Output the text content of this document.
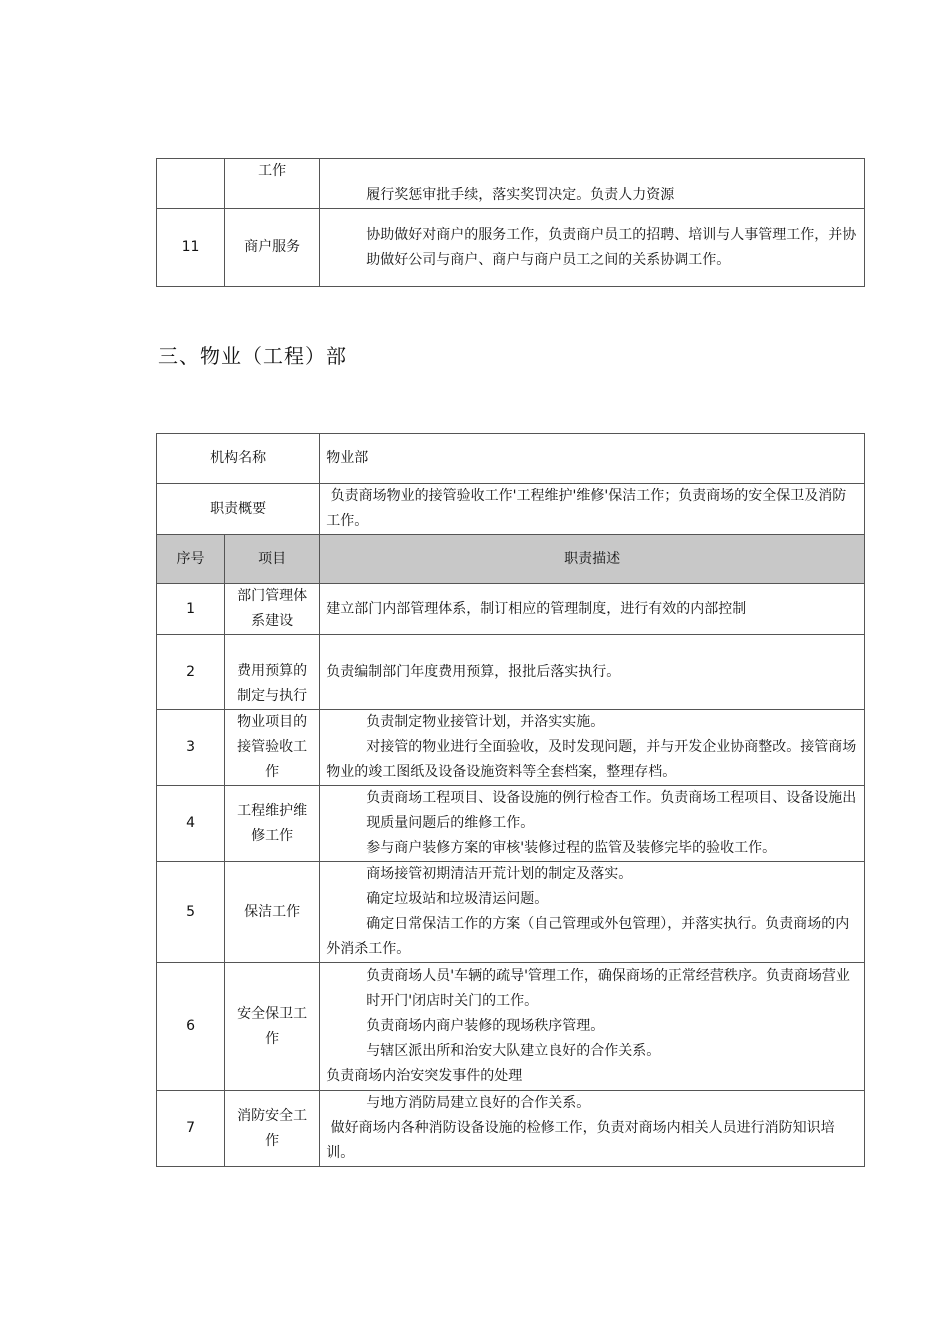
	工作	履行奖惩审批手续，落实奖罚决定。负责人力资源

11	商户服务	协助做好对商户的服务工作，负责商户员工的招聘、培训与人事管理工作，并协助做好公司与商户、商户与商户员工之间的关系协调工作。
三、物业（工程）部
机构名称		物业部
职责概要		负责商场物业的接管验收工作'工程维护'维修'保洁工作；负责商场的安全保卫及消防工作。
序号	项目	职责描述
1	部门管理体系建设	建立部门内部管理体系，制订相应的管理制度，进行有效的内部控制

2	费用预算的制定与执行	负责编制部门年度费用预算，报批后落实执行。

3	物业项目的接管验收工作	负责制定物业接管计划，并洛实实施。
对接管的物业进行全面验收，及时发现问题，并与开发企业协商整改。接管商场物业的竣工图纸及设备设施资料等全套档案，整理存档。

4	工程维护维修工作	负责商场工程项目、设备设施的例行检杳工作。负责商场工程项目、设备设施出现质量问题后的维修工作。
参与商户装修方案的审核'装修过程的监管及装修完毕的验收工作。

5	保洁工作	商场接管初期清洁开荒计划的制定及落实。
确定垃圾站和垃圾清运问题。
确定日常保洁工作的方案（自己管理或外包管理），并落实执行。负责商场的内外消杀工作。

6	安全保卫工作	负责商场人员'车辆的疏导'管理工作，确保商场的正常经营秩序。负责商场营业时开门'闭店时关门的工作。
负责商场内商户装修的现场秩序管理。
与辖区派出所和治安大队建立良好的合作关系。
负责商场内治安突发事件的处理

7	消防安全工作	与地方消防局建立良好的合作关系。
做好商场内各种消防设备设施的检修工作，负责对商场内相关人员进行消防知识培训。
